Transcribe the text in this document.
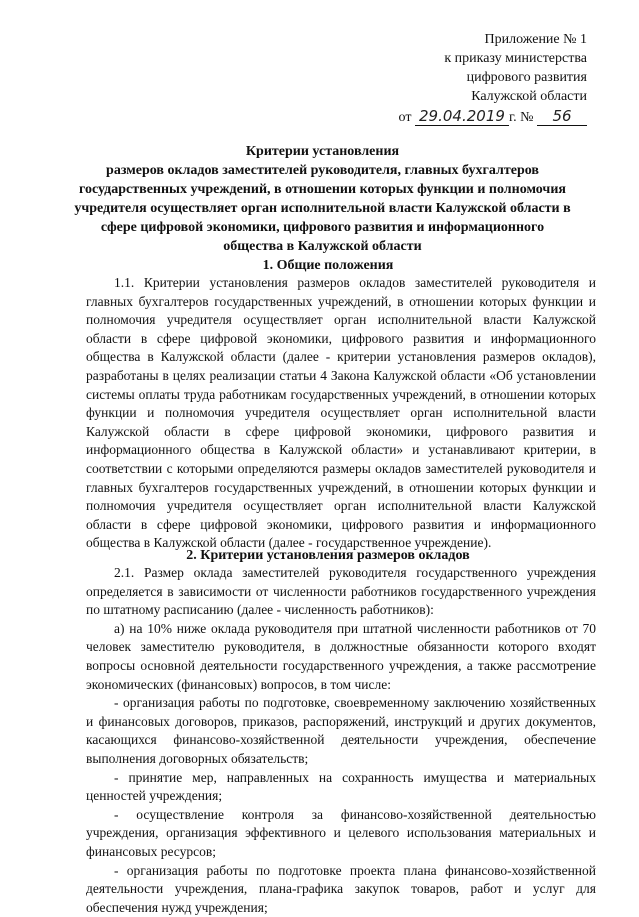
Приложение № 1
к приказу министерства
цифрового развития
Калужской области
от 29.04.2019 г. № 56
Критерии установления
размеров окладов заместителей руководителя, главных бухгалтеров
государственных учреждений, в отношении которых функции и полномочия
учредителя осуществляет орган исполнительной власти Калужской области в
сфере цифровой экономики, цифрового развития и информационного
общества в Калужской области
1. Общие положения

1.1. Критерии установления размеров окладов заместителей руководителя и главных бухгалтеров государственных учреждений, в отношении которых функции и полномочия учредителя осуществляет орган исполнительной власти Калужской области в сфере цифровой экономики, цифрового развития и информационного общества в Калужской области (далее - критерии установления размеров окладов), разработаны в целях реализации статьи 4 Закона Калужской области «Об установлении системы оплаты труда работникам государственных учреждений, в отношении которых функции и полномочия учредителя осуществляет орган исполнительной власти Калужской области в сфере цифровой экономики, цифрового развития и информационного общества в Калужской области» и устанавливают критерии, в соответствии с которыми определяются размеры окладов заместителей руководителя и главных бухгалтеров государственных учреждений, в отношении которых функции и полномочия учредителя осуществляет орган исполнительной власти Калужской области в сфере цифровой экономики, цифрового развития и информационного общества в Калужской области (далее - государственное учреждение).

2. Критерии установления размеров окладов

2.1. Размер оклада заместителей руководителя государственного учреждения определяется в зависимости от численности работников государственного учреждения по штатному расписанию (далее - численность работников):

а) на 10% ниже оклада руководителя при штатной численности работников от 70 человек заместителю руководителя, в должностные обязанности которого входят вопросы основной деятельности государственного учреждения, а также рассмотрение экономических (финансовых) вопросов, в том числе:

- организация работы по подготовке, своевременному заключению хозяйственных и финансовых договоров, приказов, распоряжений, инструкций и других документов, касающихся финансово-хозяйственной деятельности учреждения, обеспечение выполнения договорных обязательств;

- принятие мер, направленных на сохранность имущества и материальных ценностей учреждения;

- осуществление контроля за финансово-хозяйственной деятельностью учреждения, организация эффективного и целевого использования материальных и финансовых ресурсов;

- организация работы по подготовке проекта плана финансово-хозяйственной деятельности учреждения, плана-графика закупок товаров, работ и услуг для обеспечения нужд учреждения;
